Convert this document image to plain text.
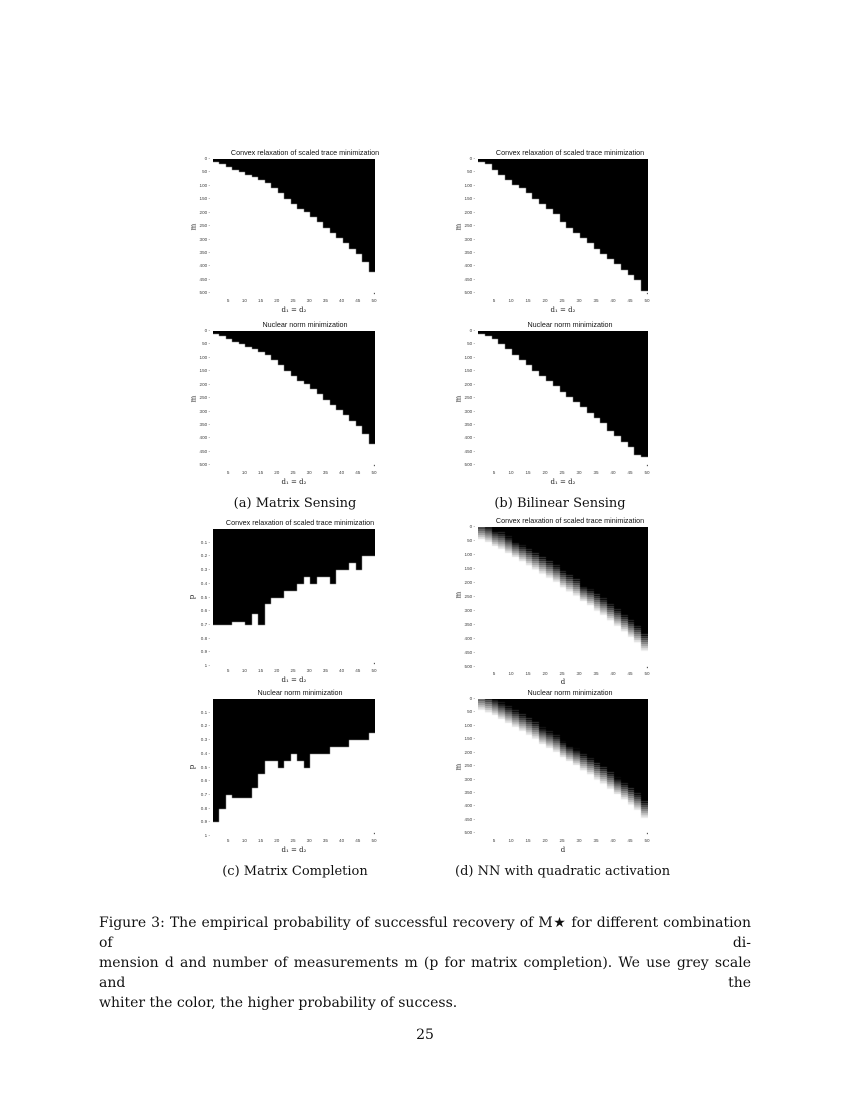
Convex relaxation of scaled trace minimization
m
d₁ = d₂
0 -
50 -
100 -
150 -
200 -
250 -
300 -
350 -
400 -
450 -
500 -
5	10	15	20	25	30	35	40	45	50
Nuclear norm minimization
m
d₁ = d₂
0 -
50 -
100 -
150 -
200 -
250 -
300 -
350 -
400 -
450 -
500 -
5	10	15	20	25	30	35	40	45	50
(a) Matrix Sensing
Convex relaxation of scaled trace minimization
m
d₁ = d₂
0 -
50 -
100 -
150 -
200 -
250 -
300 -
350 -
400 -
450 -
500 -
5	10	15	20	25	30	35	40	45	50
Nuclear norm minimization
m
d₁ = d₂
0 -
50 -
100 -
150 -
200 -
250 -
300 -
350 -
400 -
450 -
500 -
5	10	15	20	25	30	35	40	45	50
(b) Bilinear Sensing
Convex relaxation of scaled trace minimization
p
d₁ = d₂
0.1 -
0.2 -
0.3 -
0.4 -
0.5 -
0.6 -
0.7 -
0.8 -
0.9 -
1 -
5	10	15	20	25	30	35	40	45	50
Nuclear norm minimization
p
d₁ = d₂
0.1 -
0.2 -
0.3 -
0.4 -
0.5 -
0.6 -
0.7 -
0.8 -
0.9 -
1 -
5	10	15	20	25	30	35	40	45	50
(c) Matrix Completion
Convex relaxation of scaled trace minimization
m
d
0 -
50 -
100 -
150 -
200 -
250 -
300 -
350 -
400 -
450 -
500 -
5	10	15	20	25	30	35	40	45	50
Nuclear norm minimization
m
d
0 -
50 -
100 -
150 -
200 -
250 -
300 -
350 -
400 -
450 -
500 -
5	10	15	20	25	30	35	40	45	50
(d) NN with quadratic activation
Figure 3: The empirical probability of successful recovery of M★ for different combination of di-
mension d and number of measurements m (p for matrix completion). We use grey scale and the
whiter the color, the higher probability of success.
25
